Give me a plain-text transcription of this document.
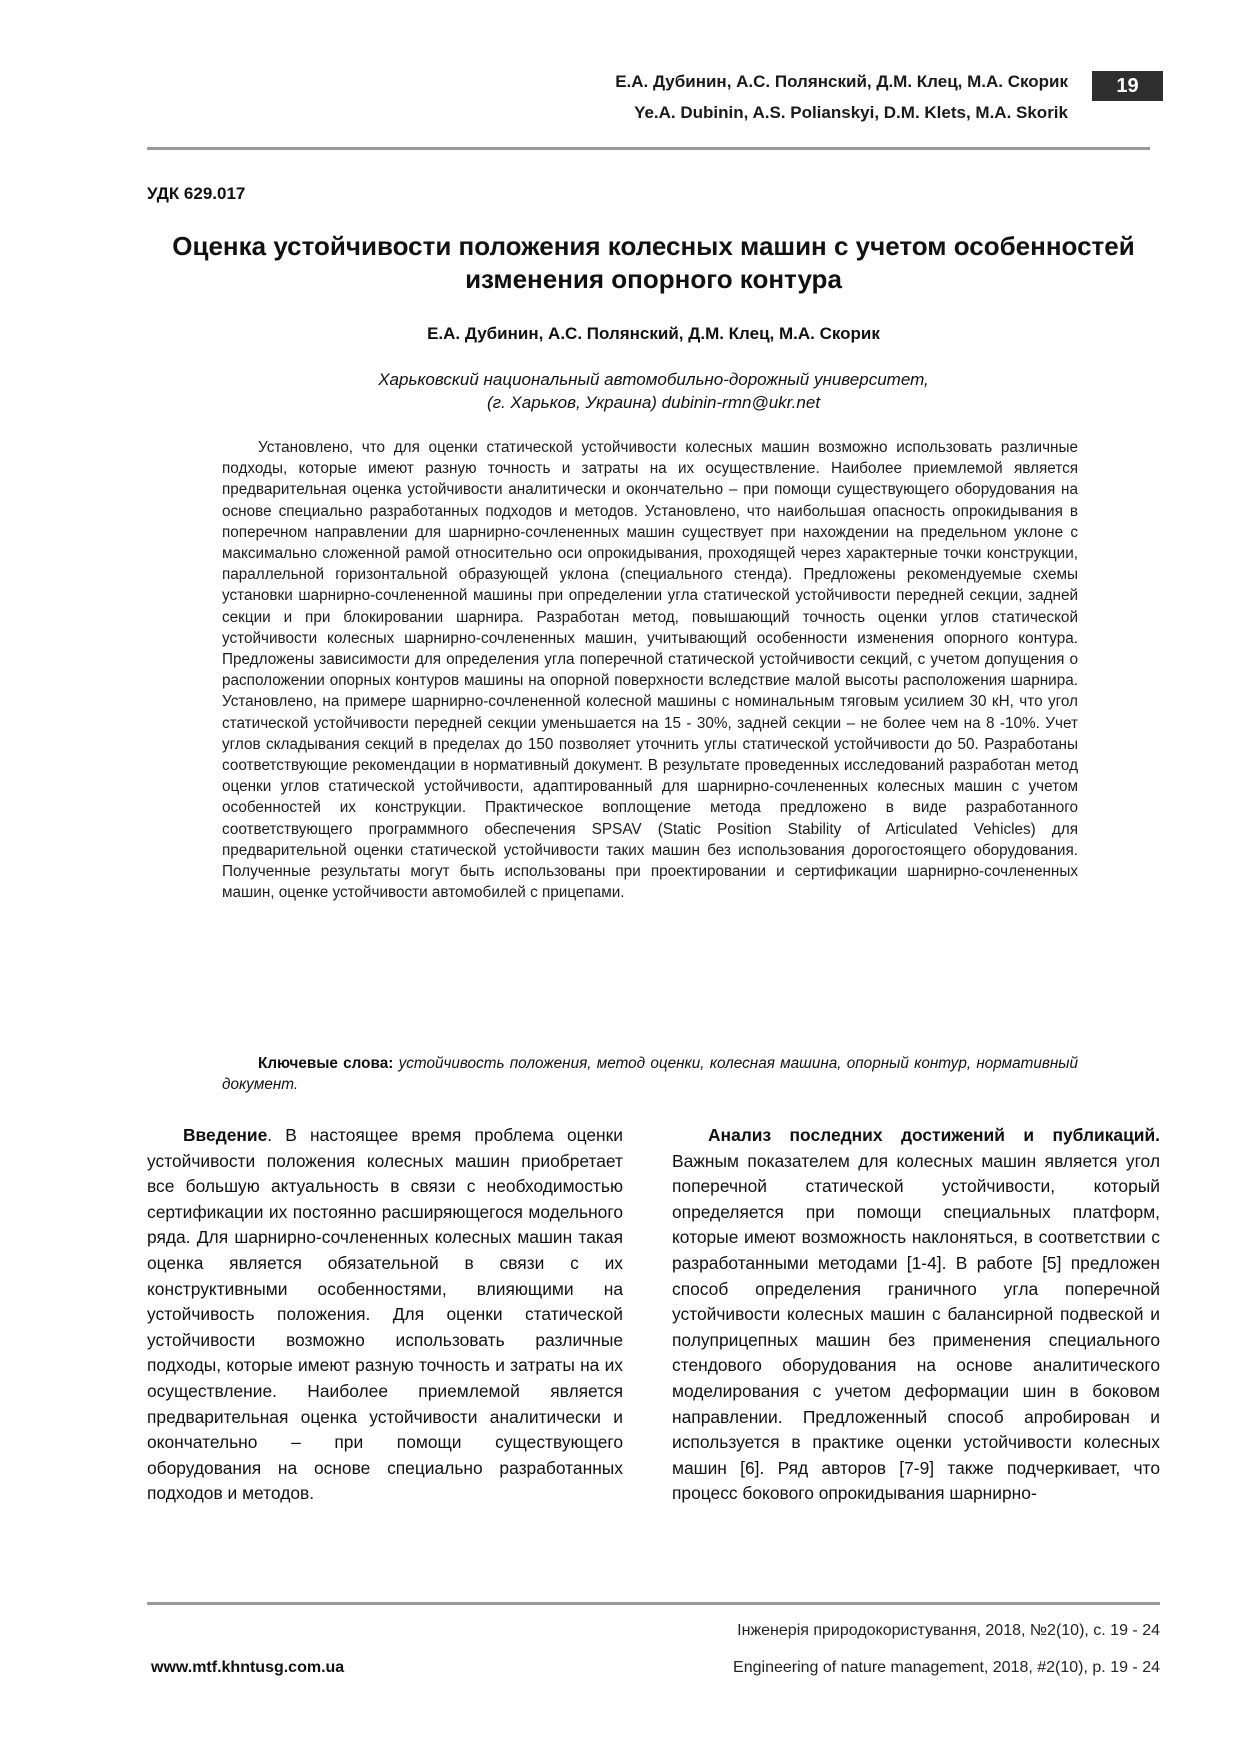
Е.А. Дубинин, А.С. Полянский, Д.М. Клец, М.А. Скорик
Ye.A. Dubinin, A.S. Polianskyi, D.M. Klets, M.A. Skorik
19
УДК 629.017
Оценка устойчивости положения колесных машин с учетом особенностей изменения опорного контура
Е.А. Дубинин, А.С. Полянский, Д.М. Клец, М.А. Скорик
Харьковский национальный автомобильно-дорожный университет,
(г. Харьков, Украина) dubinin-rmn@ukr.net

Установлено, что для оценки статической устойчивости колесных машин возможно использовать различные подходы, которые имеют разную точность и затраты на их осуществление. Наиболее приемлемой является предварительная оценка устойчивости аналитически и окончательно – при помощи существующего оборудования на основе специально разработанных подходов и методов. Установлено, что наибольшая опасность опрокидывания в поперечном направлении для шарнирно-сочлененных машин существует при нахождении на предельном уклоне с максимально сложенной рамой относительно оси опрокидывания, проходящей через характерные точки конструкции, параллельной горизонтальной образующей уклона (специального стенда). Предложены рекомендуемые схемы установки шарнирно-сочлененной машины при определении угла статической устойчивости передней секции, задней секции и при блокировании шарнира. Разработан метод, повышающий точность оценки углов статической устойчивости колесных шарнирно-сочлененных машин, учитывающий особенности изменения опорного контура. Предложены зависимости для определения угла поперечной статической устойчивости секций, с учетом допущения о расположении опорных контуров машины на опорной поверхности вследствие малой высоты расположения шарнира. Установлено, на примере шарнирно-сочлененной колесной машины с номинальным тяговым усилием 30 кН, что угол статической устойчивости передней секции уменьшается на 15 - 30%, задней секции – не более чем на 8 -10%. Учет углов складывания секций в пределах до 150 позволяет уточнить углы статической устойчивости до 50. Разработаны соответствующие рекомендации в нормативный документ. В результате проведенных исследований разработан метод оценки углов статической устойчивости, адаптированный для шарнирно-сочлененных колесных машин с учетом особенностей их конструкции. Практическое воплощение метода предложено в виде разработанного соответствующего программного обеспечения SPSAV (Static Position Stability of Articulated Vehicles) для предварительной оценки статической устойчивости таких машин без использования дорогостоящего оборудования. Полученные результаты могут быть использованы при проектировании и сертификации шарнирно-сочлененных машин, оценке устойчивости автомобилей с прицепами.

Ключевые слова: устойчивость положения, метод оценки, колесная машина, опорный контур, нормативный документ.

Введение. В настоящее время проблема оценки устойчивости положения колесных машин приобретает все большую актуальность в связи с необходимостью сертификации их постоянно расширяющегося модельного ряда. Для шарнирно-сочлененных колесных машин такая оценка является обязательной в связи с их конструктивными особенностями, влияющими на устойчивость положения. Для оценки статической устойчивости возможно использовать различные подходы, которые имеют разную точность и затраты на их осуществление. Наиболее приемлемой является предварительная оценка устойчивости аналитически и окончательно – при помощи существующего оборудования на основе специально разработанных подходов и методов.

Анализ последних достижений и публикаций. Важным показателем для колесных машин является угол поперечной статической устойчивости, который определяется при помощи специальных платформ, которые имеют возможность наклоняться, в соответствии с разработанными методами [1-4]. В работе [5] предложен способ определения граничного угла поперечной устойчивости колесных машин с балансирной подвеской и полуприцепных машин без применения специального стендового оборудования на основе аналитического моделирования с учетом деформации шин в боковом направлении. Предложенный способ апробирован и используется в практике оценки устойчивости колесных машин [6]. Ряд авторов [7-9] также подчеркивает, что процесс бокового опрокидывания шарнирно-

www.mtf.khntusg.com.ua
Інженерія природокористування, 2018, №2(10), с. 19 - 24
Engineering of nature management, 2018, #2(10), p. 19 - 24
